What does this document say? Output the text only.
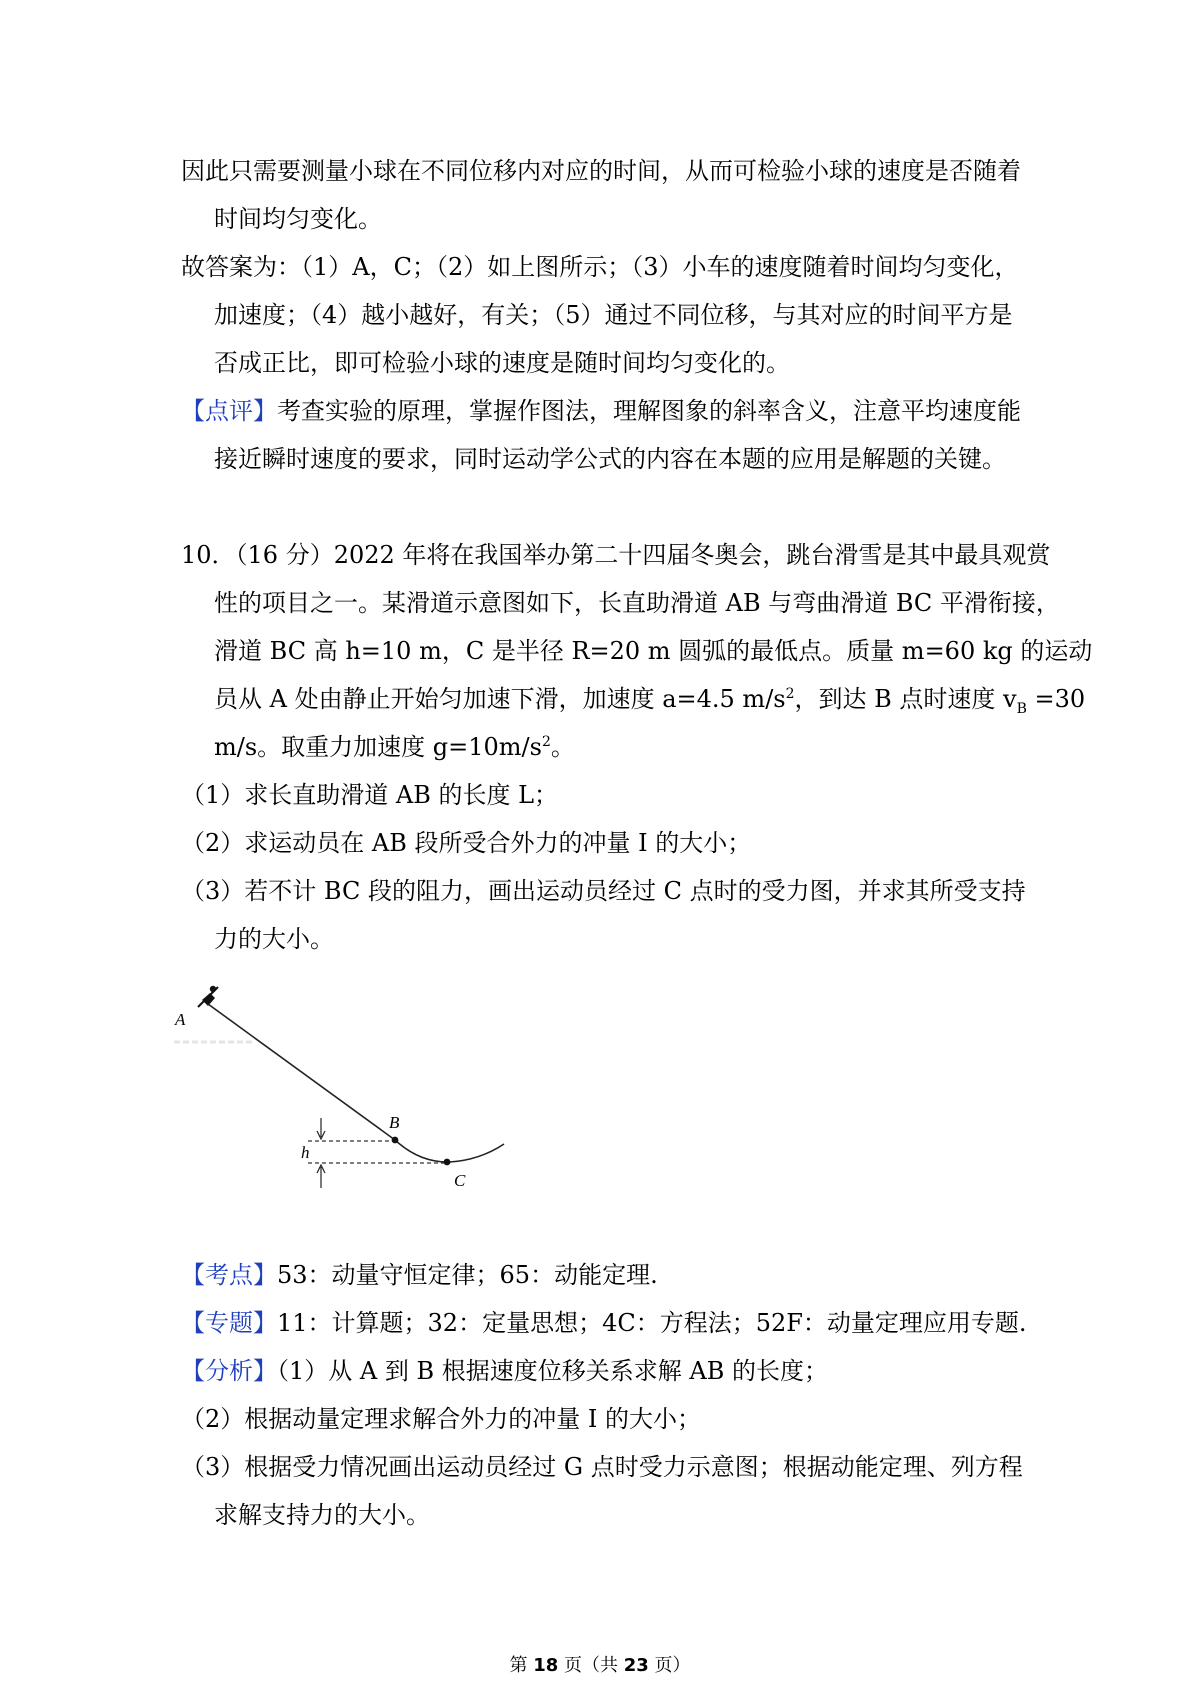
因此只需要测量小球在不同位移内对应的时间，从而可检验小球的速度是否随着
时间均匀变化。
故答案为：（1）A，C；（2）如上图所示；（3）小车的速度随着时间均匀变化，
加速度；（4）越小越好，有关；（5）通过不同位移，与其对应的时间平方是
否成正比，即可检验小球的速度是随时间均匀变化的。
【点评】考查实验的原理，掌握作图法，理解图象的斜率含义，注意平均速度能
接近瞬时速度的要求，同时运动学公式的内容在本题的应用是解题的关键。
10．（16 分）2022 年将在我国举办第二十四届冬奥会，跳台滑雪是其中最具观赏
性的项目之一。某滑道示意图如下，长直助滑道 AB 与弯曲滑道 BC 平滑衔接，
滑道 BC 高 h=10 m，C 是半径 R=20 m 圆弧的最低点。质量 m=60 kg 的运动
员从 A 处由静止开始匀加速下滑，加速度 a=4.5 $m/s^2$，到达 B 点时速度 $v_B =30$
m/s。取重力加速度 $g=10m/s^2$。
（1）求长直助滑道 AB 的长度 L；
（2）求运动员在 AB 段所受合外力的冲量 I 的大小；
（3）若不计 BC 段的阻力，画出运动员经过 C 点时的受力图，并求其所受支持
力的大小。
A
B
C
h
【考点】53：动量守恒定律；65：动能定理.
【专题】11：计算题；32：定量思想；4C：方程法；52F：动量定理应用专题.
【分析】（1）从 A 到 B 根据速度位移关系求解 AB 的长度；
（2）根据动量定理求解合外力的冲量 I 的大小；
（3）根据受力情况画出运动员经过 G 点时受力示意图；根据动能定理、列方程
求解支持力的大小。
第 18 页（共 23 页）
